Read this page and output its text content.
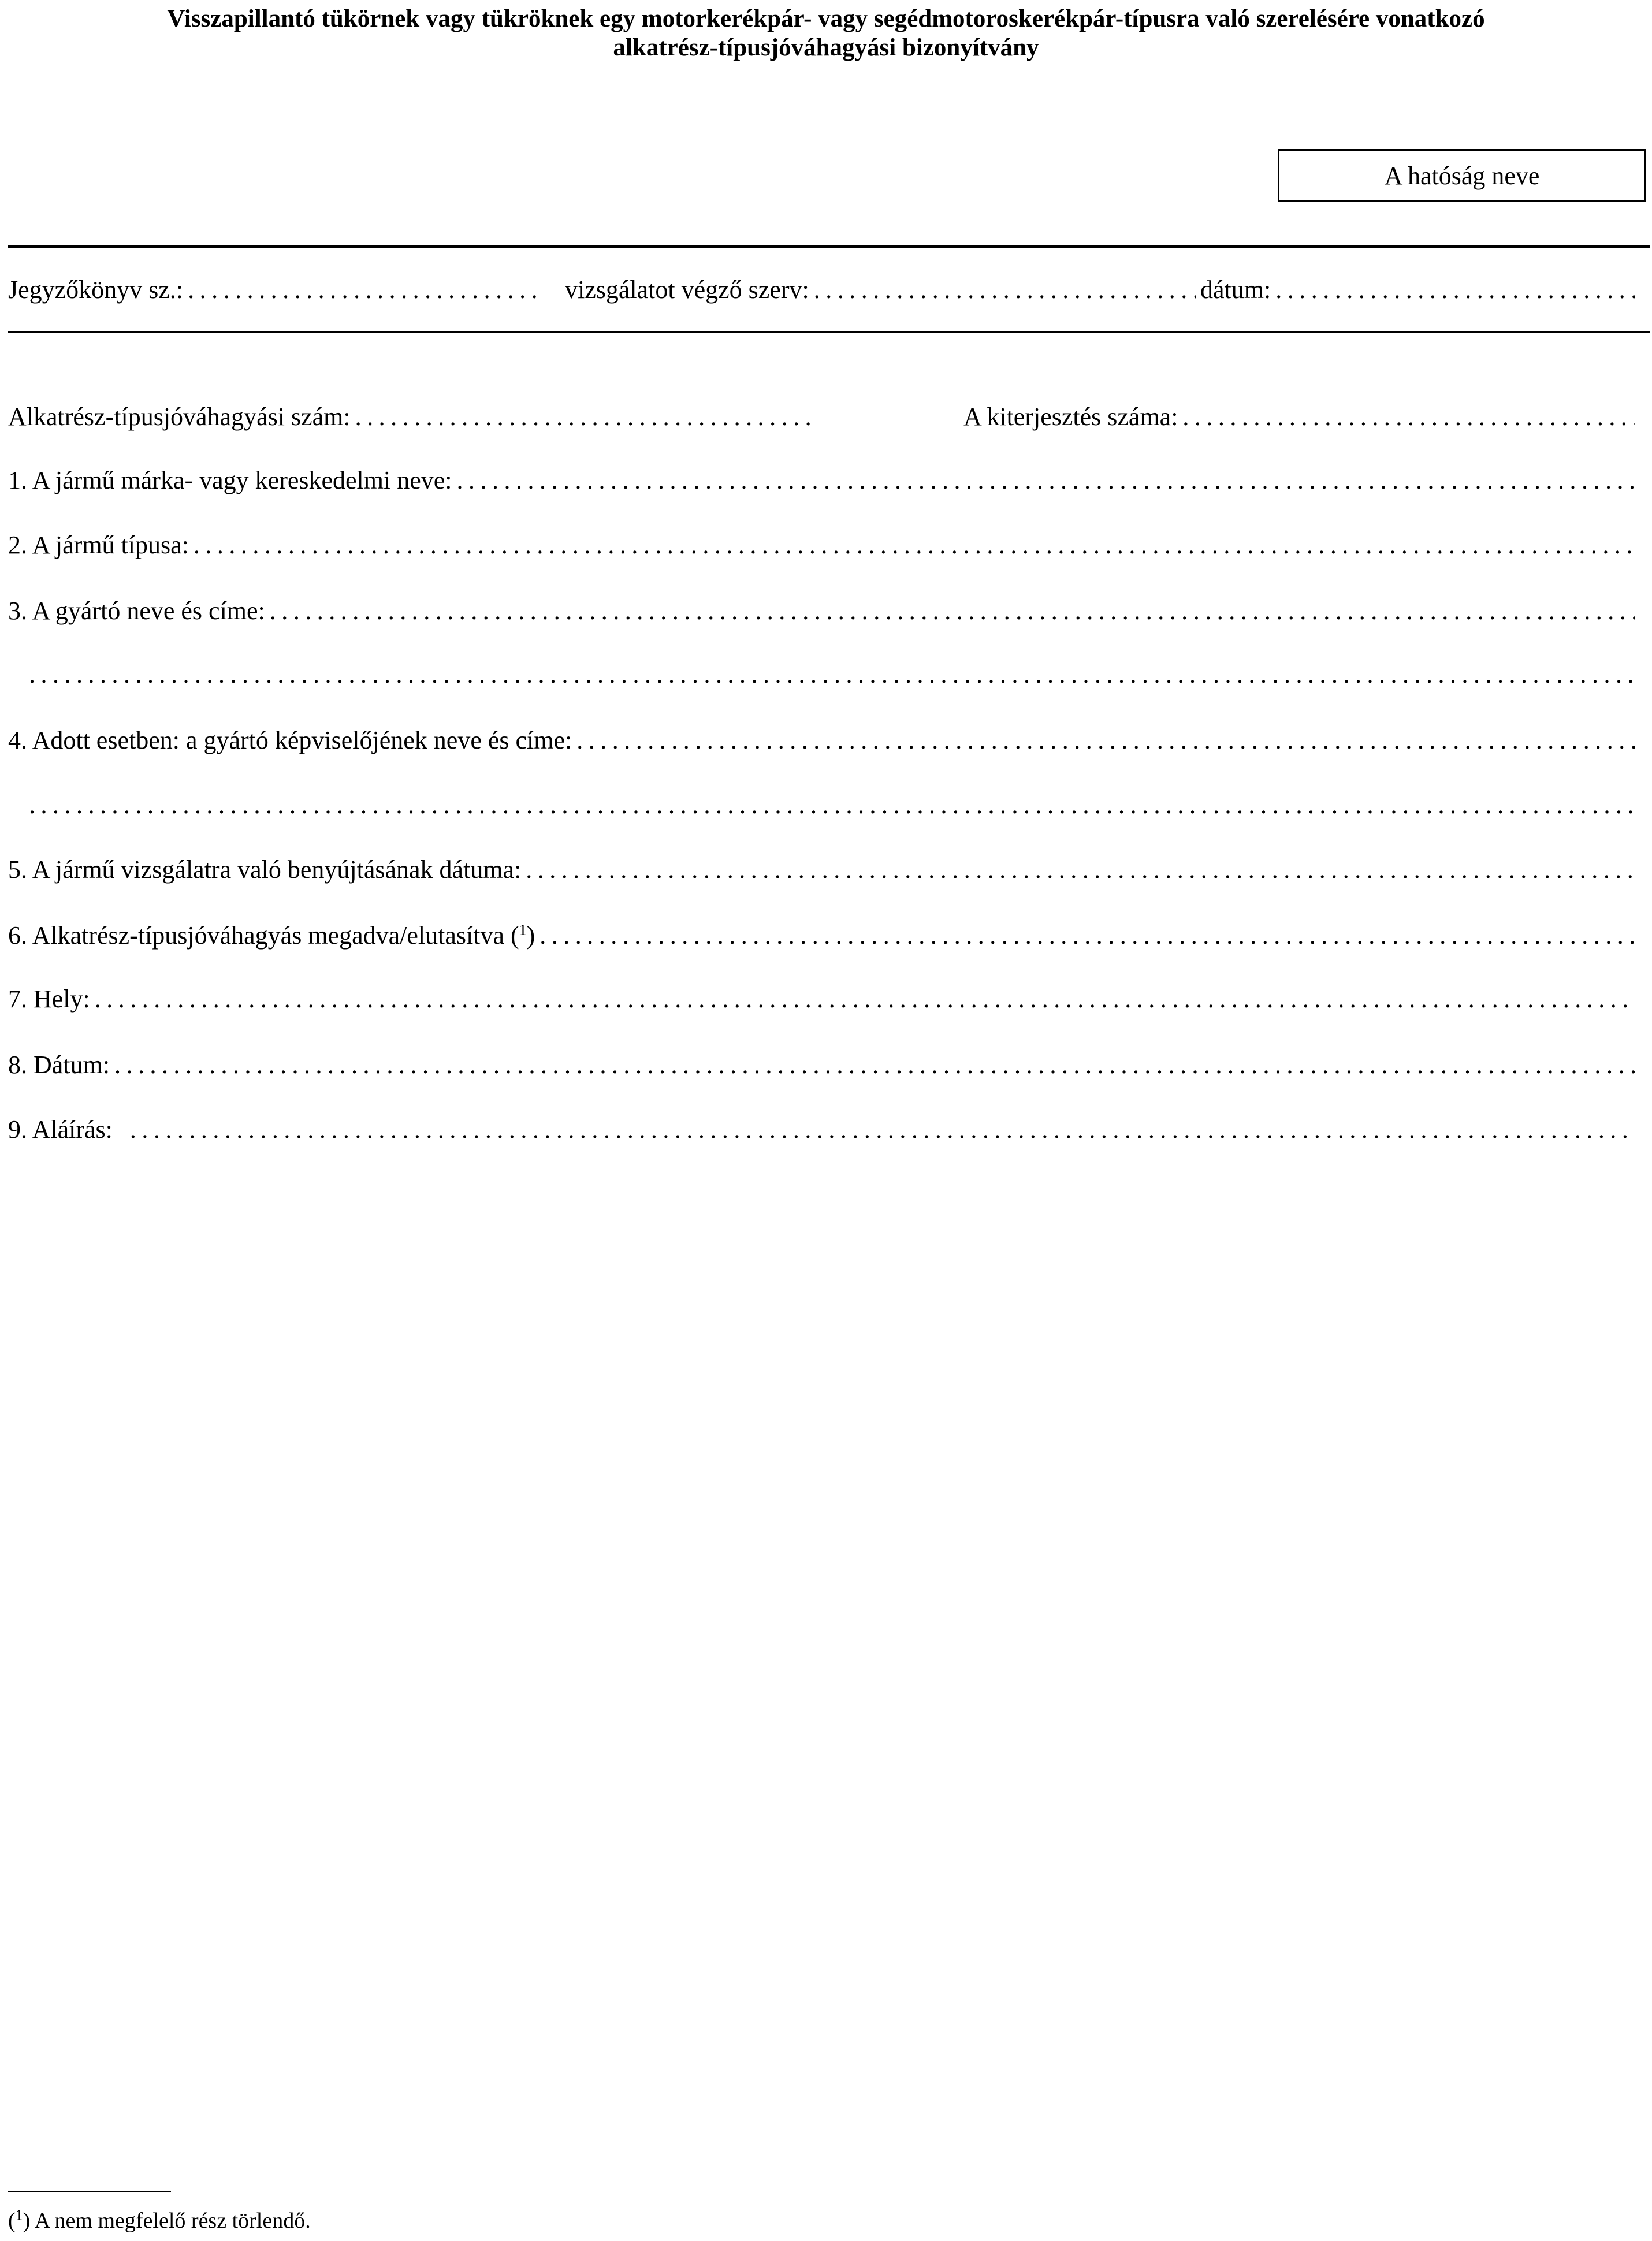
Visszapillantó tükörnek vagy tükröknek egy motorkerékpár- vagy segédmotoroskerékpár-típusra való szerelésére vonatkozó
alkatrész-típusjóváhagyási bizonyítvány
A hatóság neve
Jegyzőkönyv sz.: .....	vizsgálatot végző szerv: .....	dátum:
.....
Alkatrész-típusjóváhagyási szám: .....	A kiterjesztés száma:
.....
1. A jármű márka- vagy kereskedelmi neve:
.....
2. A jármű típusa:
.....
3. A gyártó neve és címe:
.....
.....
4. Adott esetben: a gyártó képviselőjének neve és címe:
.....
.....
5. A jármű vizsgálatra való benyújtásának dátuma:
.....
6. Alkatrész-típusjóváhagyás megadva/elutasítva ($^1$)
.....
7. Hely:
.....
8. Dátum:
.....
9. Aláírás:
.....
($^1$) A nem megfelelő rész törlendő.
